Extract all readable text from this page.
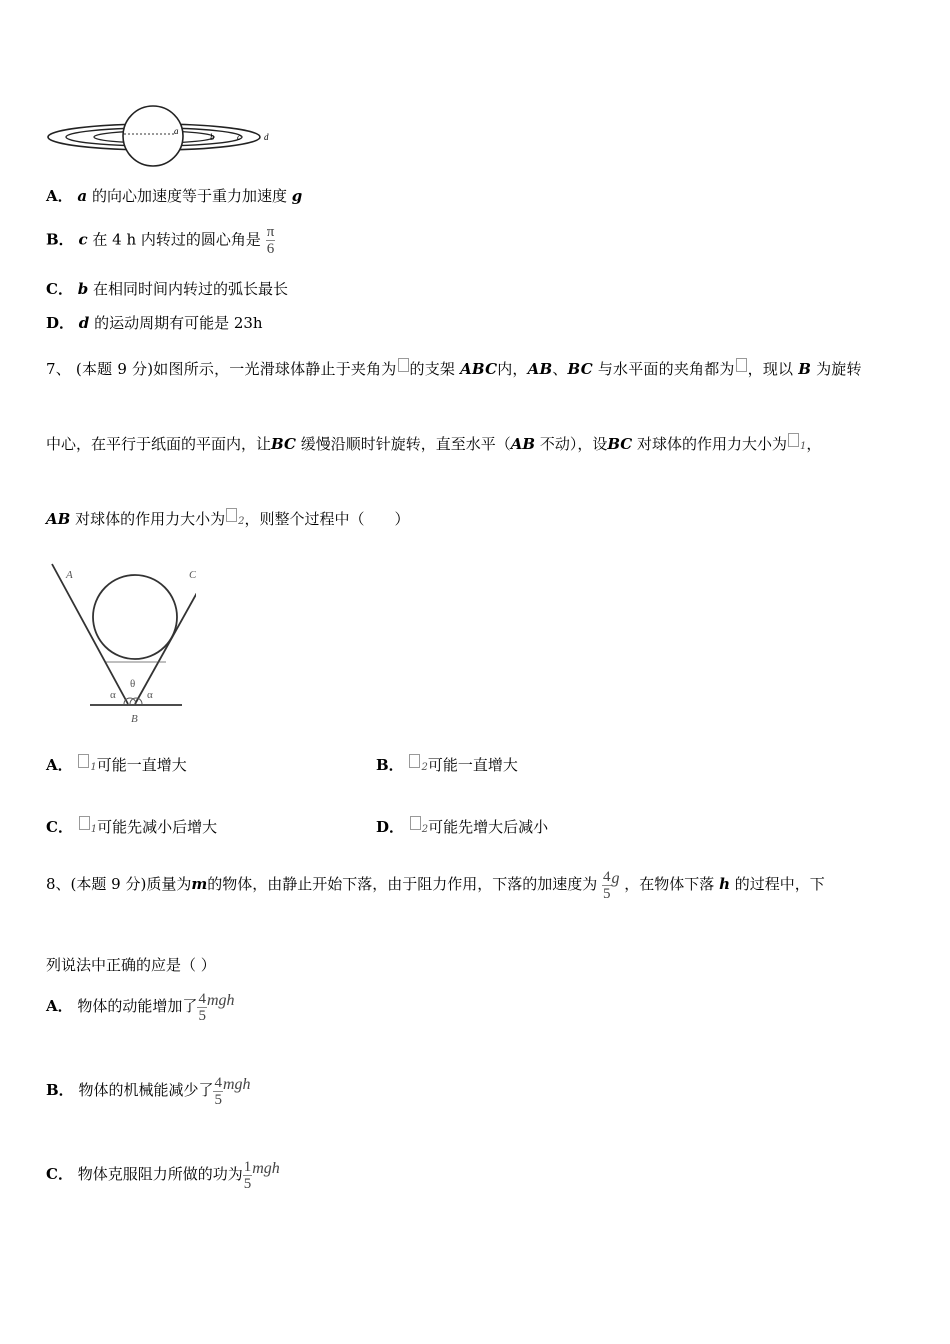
a
b	c	d
A． a 的向心加速度等于重力加速度 g
B． c 在 4 h 内转过的圆心角是 $\frac{\pi}{6}$
C． b 在相同时间内转过的弧长最长
D． d 的运动周期有可能是 23h
7、 (本题 9 分)如图所示，一光滑球体静止于夹角为 的支架 ABC内，AB、BC 与水平面的夹角都为 ，现以 B 为旋转
中心，在平行于纸面的平面内，让BC 缓慢沿顺时针旋转，直至水平（AB 不动），设BC 对球体的作用力大小为 1，
AB 对球体的作用力大小为 2，则整个过程中（　　）
A	C
θ
α	α
B
A． 1可能一直增大	B． 2可能一直增大
C． 1可能先减小后增大	D． 2可能先增大后减小
8、(本题 9 分)质量为m的物体，由静止开始下落，由于阻力作用，下落的加速度为 $\frac{4}{5}$ g ，在物体下落 h 的过程中，下
列说法中正确的应是（ ）
A． 物体的动能增加了 $\frac{4}{5}$ mgh
B． 物体的机械能减少了 $\frac{4}{5}$ mgh
C． 物体克服阻力所做的功为 $\frac{1}{5}$ mgh
